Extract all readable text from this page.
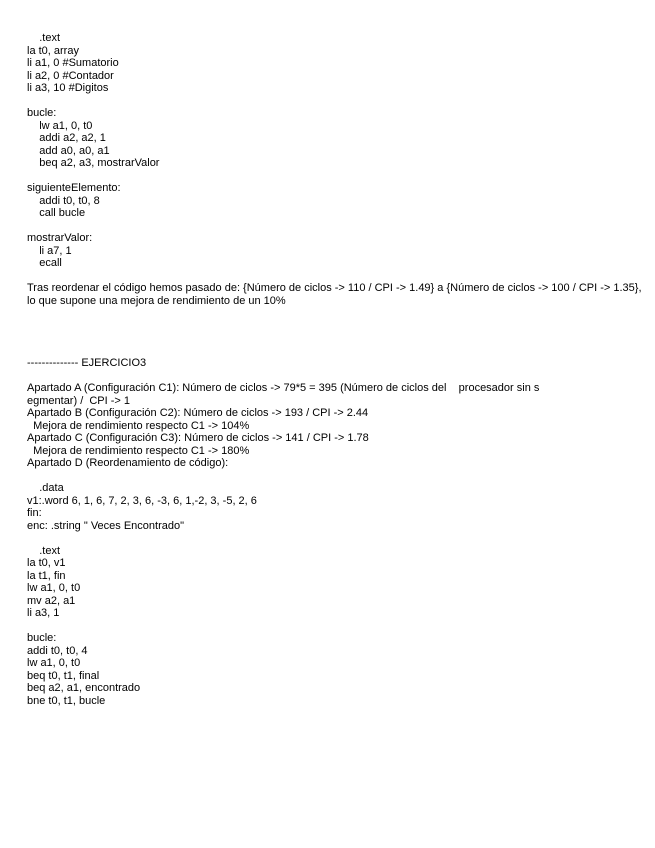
.text
la t0, array
li a1, 0 #Sumatorio
li a2, 0 #Contador
li a3, 10 #Digitos
bucle:
lw a1, 0, t0
addi a2, a2, 1
add a0, a0, a1
beq a2, a3, mostrarValor
siguienteElemento:
addi t0, t0, 8
call bucle
mostrarValor:
li a7, 1
ecall
Tras reordenar el código hemos pasado de: {Número de ciclos -> 110 / CPI -> 1.49} a {Número de ciclos -> 100 / CPI -> 1.35}, lo que supone una mejora de rendimiento de un 10%
-------------- EJERCICIO3
Apartado A (Configuración C1): Número de ciclos -> 79*5 = 395 (Número de ciclos del    procesador sin s
egmentar) /  CPI -> 1
Apartado B (Configuración C2): Número de ciclos -> 193 / CPI -> 2.44
Mejora de rendimiento respecto C1 -> 104%
Apartado C (Configuración C3): Número de ciclos -> 141 / CPI -> 1.78
Mejora de rendimiento respecto C1 -> 180%
Apartado D (Reordenamiento de código):
.data
v1:.word 6, 1, 6, 7, 2, 3, 6, -3, 6, 1,-2, 3, -5, 2, 6
fin:
enc: .string " Veces Encontrado"
.text
la t0, v1
la t1, fin
lw a1, 0, t0
mv a2, a1
li a3, 1
bucle:
addi t0, t0, 4
lw a1, 0, t0
beq t0, t1, final
beq a2, a1, encontrado
bne t0, t1, bucle
